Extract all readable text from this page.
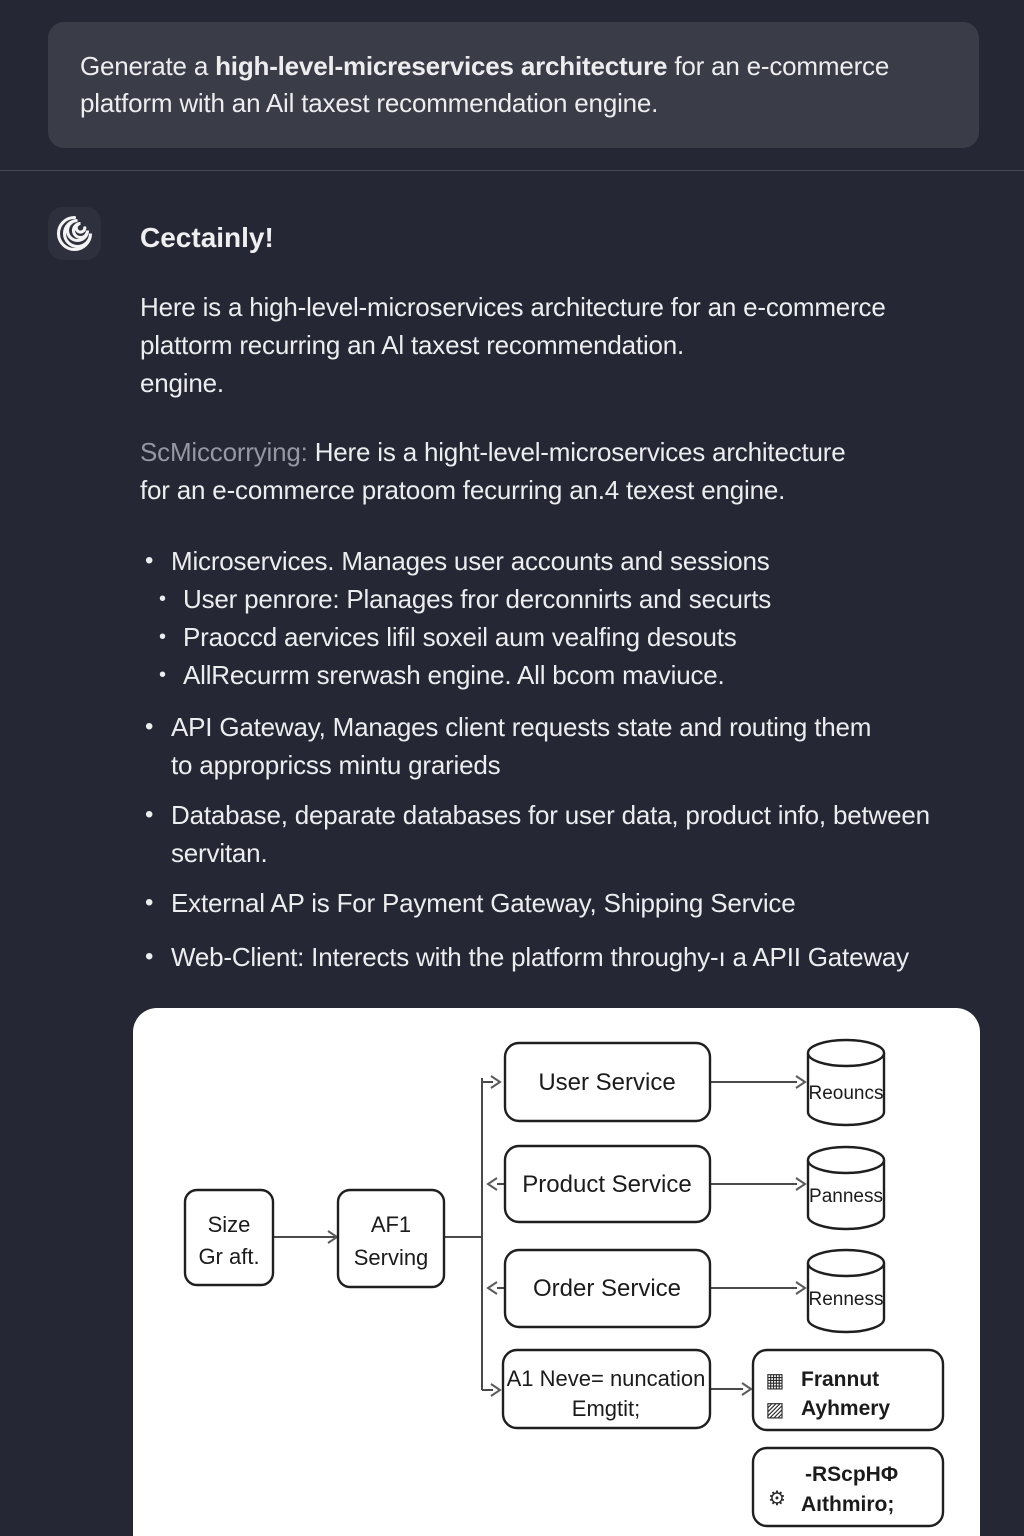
Generate a high-level-micreservices architecture for an e-commerce platform with an Ail taxest recommendation engine.
Cectainly!
Here is a high-level-microservices architecture for an e-commerce
plattorm recurring an Al taxest recommendation.
engine.
ScMiccorrying: Here is a hight-level-microservices architecture
for an e-commerce pratoom fecurring an.4 texest engine.
• Microservices. Manages user accounts and sessions
• User penrore: Planages fror derconnirts and securts
• Praoccd aervices lifil soxeil aum vealfing desouts
• AllRecurrm srerwash engine. All bcom maviuce.
• API Gateway, Manages client requests state and routing them
to appropricss mintu grarieds
• Database, deparate databases for user data, product info, between
servitan.
• External AP is For Payment Gateway, Shipping Service
• Web-Client: Interects with the platform throughy-ı a APII Gateway
Size
Gr aft.
AF1
Serving
User Service
Product Service
Order Service
A1 Neve= nuncation
Emgtit;
Reouncs
Panness
Renness
▦
▨
Frannut
Ayhmery
⚙
-RScpHΦ
Aıthmiro;
